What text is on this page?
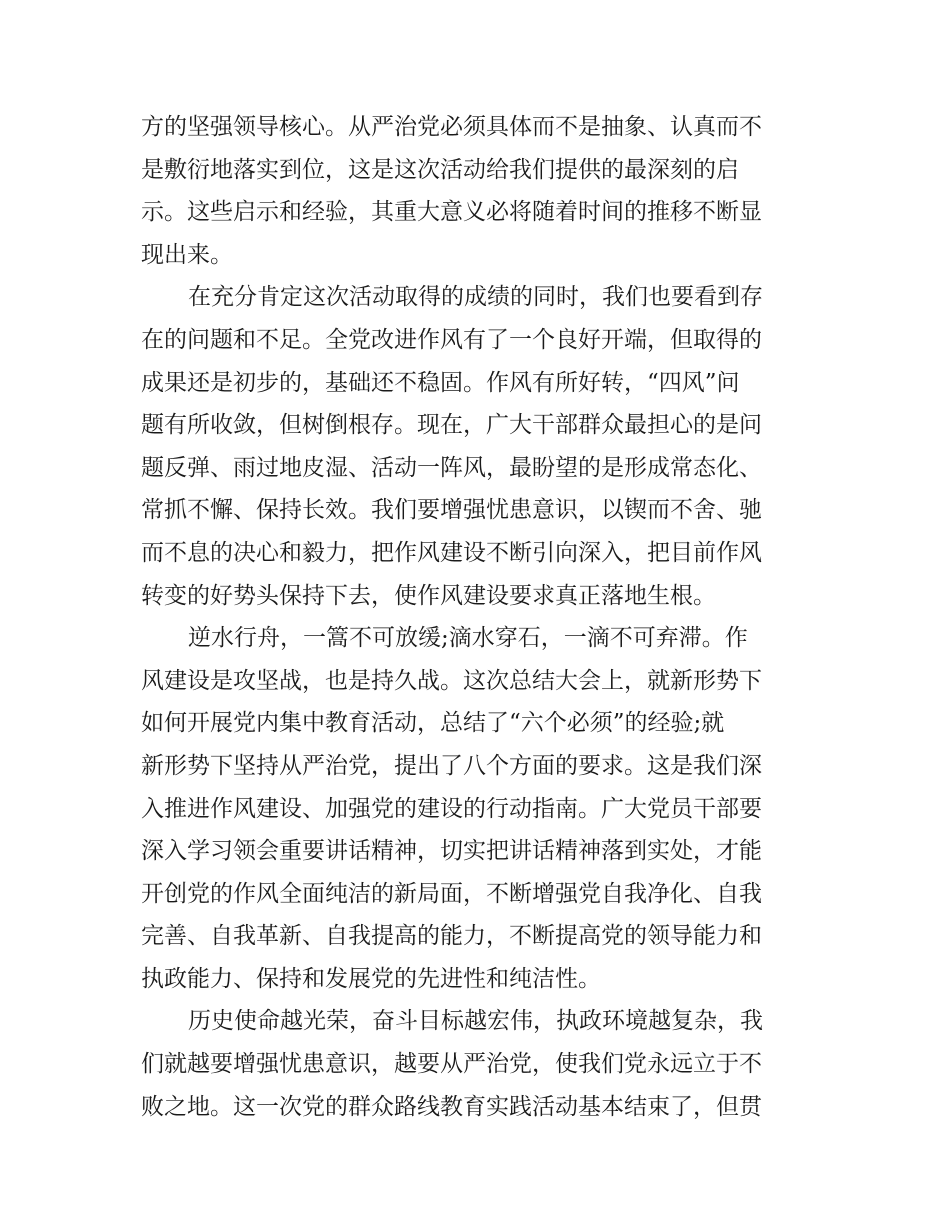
方的坚强领导核心。从严治党必须具体而不是抽象、认真而不
是敷衍地落实到位，这是这次活动给我们提供的最深刻的启
示。这些启示和经验，其重大意义必将随着时间的推移不断显
现出来。
在充分肯定这次活动取得的成绩的同时，我们也要看到存
在的问题和不足。全党改进作风有了一个良好开端，但取得的
成果还是初步的，基础还不稳固。作风有所好转，“四风”问
题有所收敛，但树倒根存。现在，广大干部群众最担心的是问
题反弹、雨过地皮湿、活动一阵风，最盼望的是形成常态化、
常抓不懈、保持长效。我们要增强忧患意识，以锲而不舍、驰
而不息的决心和毅力，把作风建设不断引向深入，把目前作风
转变的好势头保持下去，使作风建设要求真正落地生根。
逆水行舟，一篙不可放缓;滴水穿石，一滴不可弃滞。作
风建设是攻坚战，也是持久战。这次总结大会上，就新形势下
如何开展党内集中教育活动，总结了“六个必须”的经验;就
新形势下坚持从严治党，提出了八个方面的要求。这是我们深
入推进作风建设、加强党的建设的行动指南。广大党员干部要
深入学习领会重要讲话精神，切实把讲话精神落到实处，才能
开创党的作风全面纯洁的新局面，不断增强党自我净化、自我
完善、自我革新、自我提高的能力，不断提高党的领导能力和
执政能力、保持和发展党的先进性和纯洁性。
历史使命越光荣，奋斗目标越宏伟，执政环境越复杂，我
们就越要增强忧患意识，越要从严治党，使我们党永远立于不
败之地。这一次党的群众路线教育实践活动基本结束了，但贯
